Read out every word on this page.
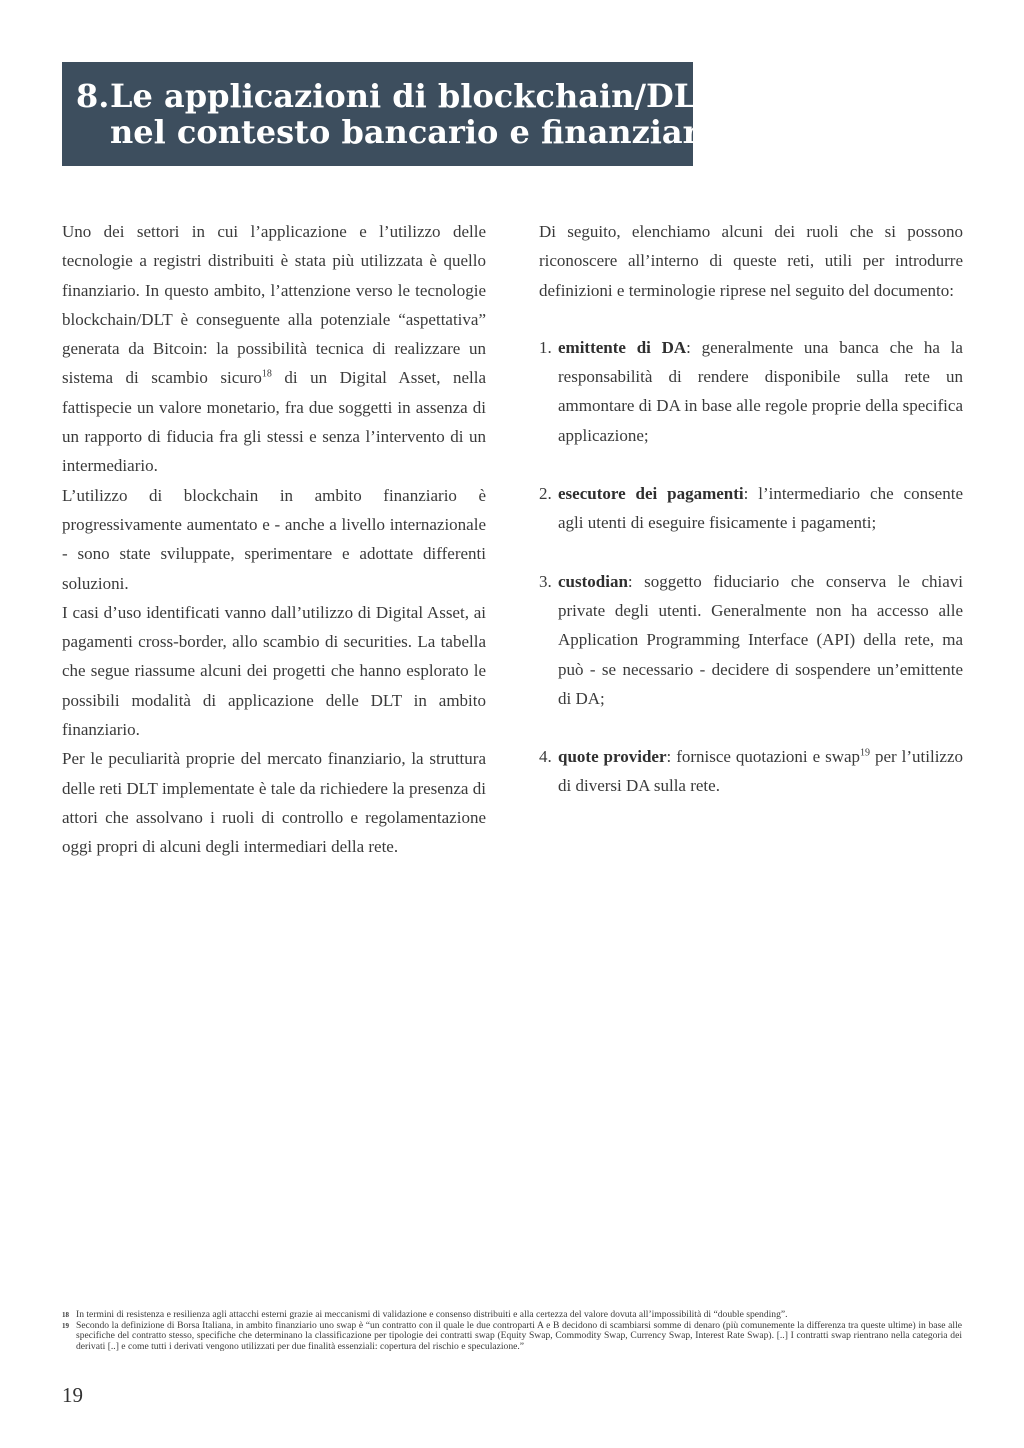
8. Le applicazioni di blockchain/DLT
nel contesto bancario e finanziario

Uno dei settori in cui l’applicazione e l’utilizzo delle tecnologie a registri distribuiti è stata più utilizzata è quello finanziario. In questo ambito, l’attenzione verso le tecnologie blockchain/DLT è conseguente alla potenziale “aspettativa” generata da Bitcoin: la possibilità tecnica di realizzare un sistema di scambio sicuro$^{18}$ di un Digital Asset, nella fattispecie un valore monetario, fra due soggetti in assenza di un rapporto di fiducia fra gli stessi e senza l’intervento di un intermediario.

L’utilizzo di blockchain in ambito finanziario è progressivamente aumentato e - anche a livello internazionale - sono state sviluppate, sperimentare e adottate differenti soluzioni.

I casi d’uso identificati vanno dall’utilizzo di Digital Asset, ai pagamenti cross-border, allo scambio di securities. La tabella che segue riassume alcuni dei progetti che hanno esplorato le possibili modalità di applicazione delle DLT in ambito finanziario.

Per le peculiarità proprie del mercato finanziario, la struttura delle reti DLT implementate è tale da richiedere la presenza di attori che assolvano i ruoli di controllo e regolamentazione oggi propri di alcuni degli intermediari della rete.

Di seguito, elenchiamo alcuni dei ruoli che si possono riconoscere all’interno di queste reti, utili per introdurre definizioni e terminologie riprese nel seguito del documento:

1. emittente di DA: generalmente una banca che ha la responsabilità di rendere disponibile sulla rete un ammontare di DA in base alle regole proprie della specifica applicazione;
2. esecutore dei pagamenti: l’intermediario che consente agli utenti di eseguire fisicamente i pagamenti;
3. custodian: soggetto fiduciario che conserva le chiavi private degli utenti. Generalmente non ha accesso alle Application Programming Interface (API) della rete, ma può - se necessario - decidere di sospendere un’emittente di DA;
4. quote provider: fornisce quotazioni e swap$^{19}$ per l’utilizzo di diversi DA sulla rete.
18 In termini di resistenza e resilienza agli attacchi esterni grazie ai meccanismi di validazione e consenso distribuiti e alla certezza del valore dovuta all’impossibilità di “double spending”.
19 Secondo la definizione di Borsa Italiana, in ambito finanziario uno swap è “un contratto con il quale le due controparti A e B decidono di scambiarsi somme di denaro (più comunemente la differenza tra queste ultime) in base alle specifiche del contratto stesso, specifiche che determinano la classificazione per tipologie dei contratti swap (Equity Swap, Commodity Swap, Currency Swap, Interest Rate Swap). [..] I contratti swap rientrano nella categoria dei derivati [..] e come tutti i derivati vengono utilizzati per due finalità essenziali: copertura del rischio e speculazione.”
19
